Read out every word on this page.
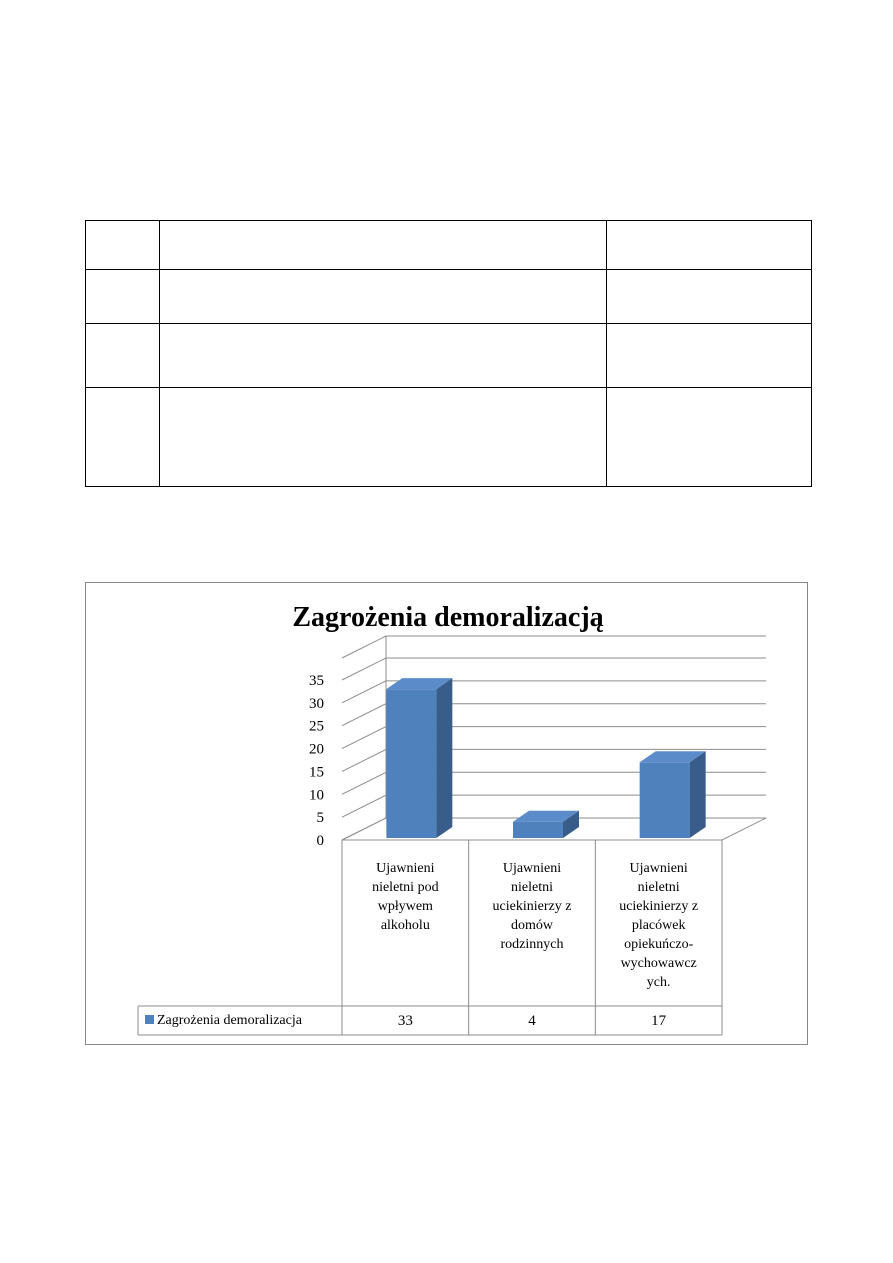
Zagrożenia demoralizacją
0
5
10
15
20
25
30
35
Ujawnieni nieletni pod wpływem alkoholu
Ujawnieni nieletni uciekinierzy z domów rodzinnych
Ujawnieni nieletni uciekinierzy z placówek opiekuńczo-wychowawcz ych.
Zagrożenia demoralizacja	33	4	17
